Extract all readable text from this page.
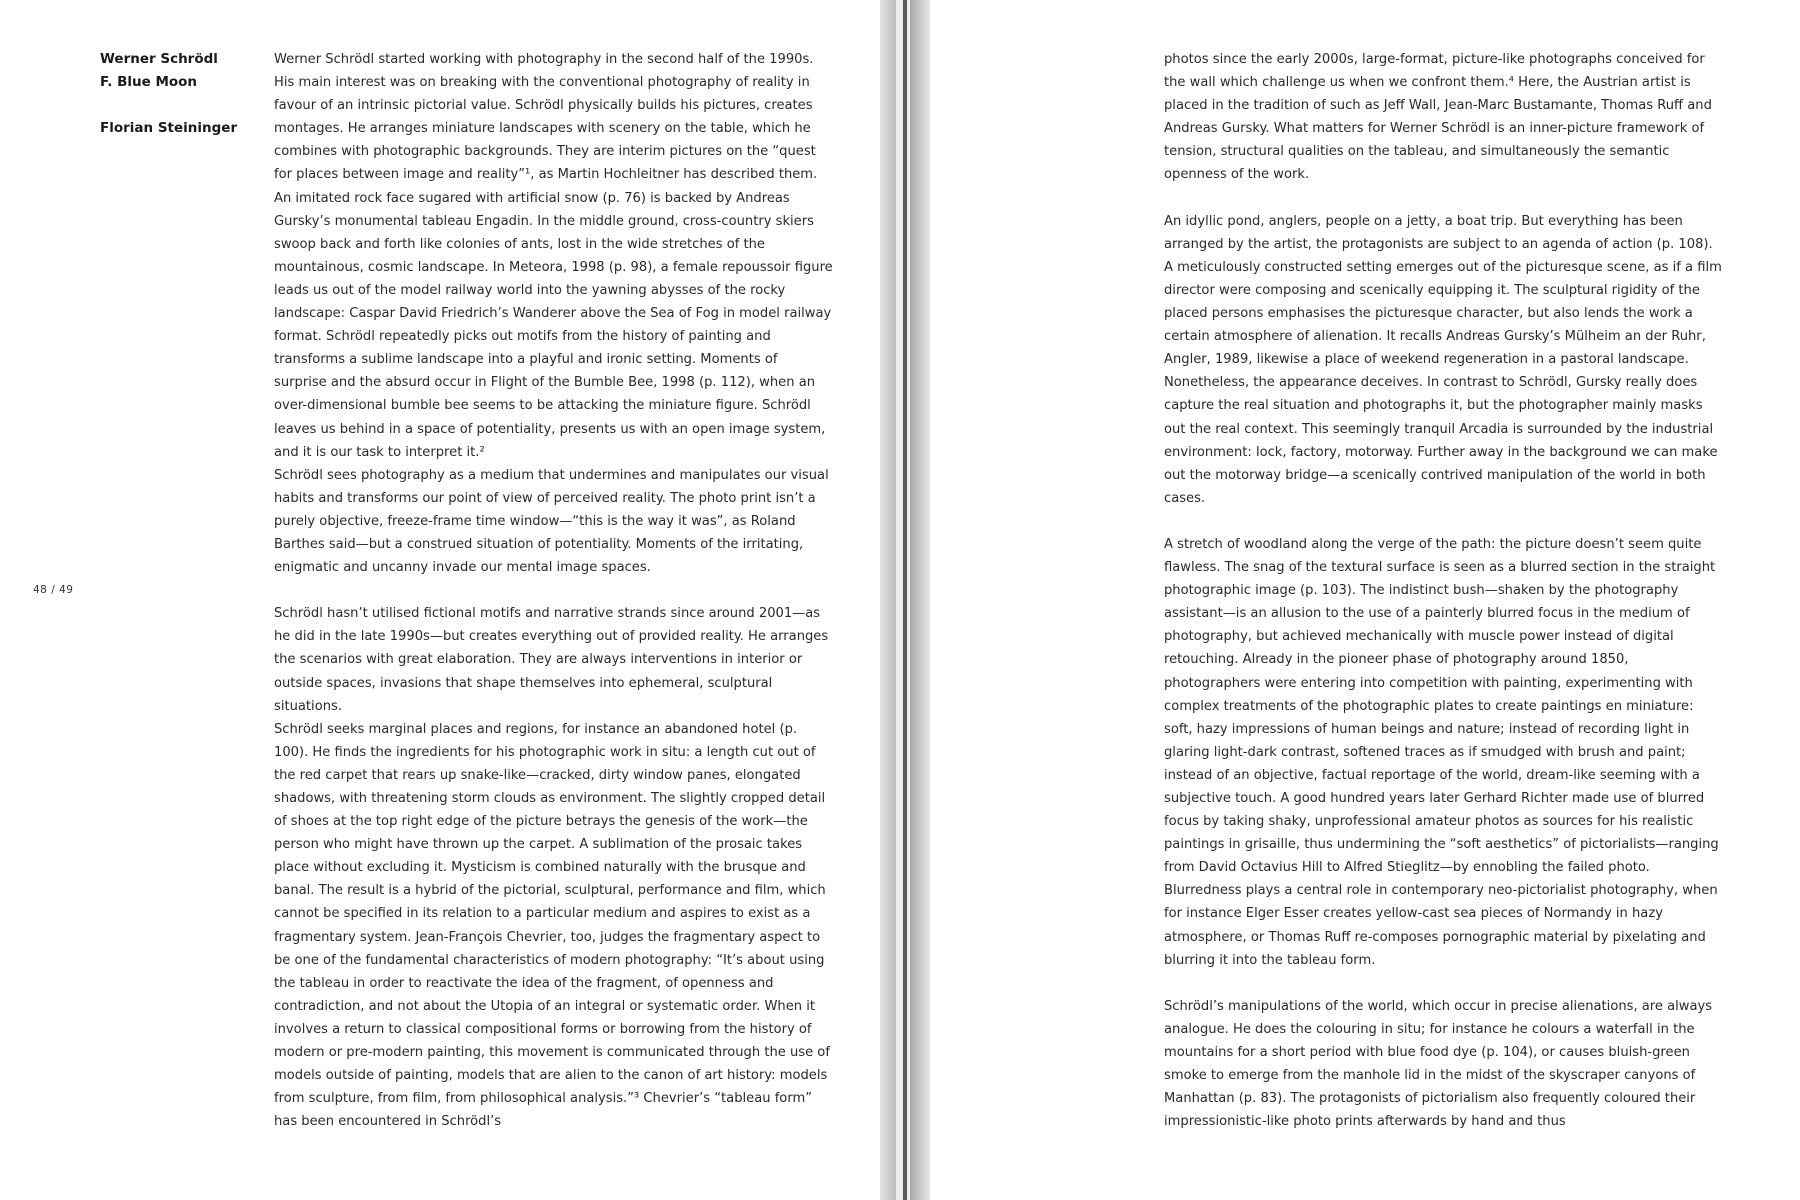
Werner Schrödl
F. Blue Moon
Florian Steininger
48 / 49

Werner Schrödl started working with photography in the second half of the 1990s. His main interest was on breaking with the conventional photography of reality in favour of an intrinsic pictorial value. Schrödl physically builds his pictures, creates montages. He arranges miniature landscapes with scenery on the table, which he combines with photographic backgrounds. They are interim pictures on the “quest for places between image and reality”¹, as Martin Hochleitner has described them. An imitated rock face sugared with artificial snow (p. 76) is backed by Andreas Gursky’s monumental tableau Engadin. In the middle ground, cross-country skiers swoop back and forth like colonies of ants, lost in the wide stretches of the mountainous, cosmic landscape. In Meteora, 1998 (p. 98), a female repoussoir figure leads us out of the model railway world into the yawning abysses of the rocky landscape: Caspar David Friedrich’s Wanderer above the Sea of Fog in model railway format. Schrödl repeatedly picks out motifs from the history of painting and transforms a sublime landscape into a playful and ironic setting. Moments of surprise and the absurd occur in Flight of the Bumble Bee, 1998 (p. 112), when an over-dimensional bumble bee seems to be attacking the miniature figure. Schrödl leaves us behind in a space of potentiality, presents us with an open image system, and it is our task to interpret it.²

Schrödl sees photography as a medium that undermines and manipulates our visual habits and transforms our point of view of perceived reality. The photo print isn’t a purely objective, freeze-frame time window—“this is the way it was”, as Roland Barthes said—but a construed situation of potentiality. Moments of the irritating, enigmatic and uncanny invade our mental image spaces.

Schrödl hasn’t utilised fictional motifs and narrative strands since around 2001—as he did in the late 1990s—but creates everything out of provided reality. He arranges the scenarios with great elaboration. They are always interventions in interior or outside spaces, invasions that shape themselves into ephemeral, sculptural situations.

Schrödl seeks marginal places and regions, for instance an abandoned hotel (p. 100). He finds the ingredients for his photographic work in situ: a length cut out of the red carpet that rears up snake-like—cracked, dirty window panes, elongated shadows, with threatening storm clouds as environment. The slightly cropped detail of shoes at the top right edge of the picture betrays the genesis of the work—the person who might have thrown up the carpet. A sublimation of the prosaic takes place without excluding it. Mysticism is combined naturally with the brusque and banal. The result is a hybrid of the pictorial, sculptural, performance and film, which cannot be specified in its relation to a particular medium and aspires to exist as a fragmentary system. Jean-François Chevrier, too, judges the fragmentary aspect to be one of the fundamental characteristics of modern photography: “It’s about using the tableau in order to reactivate the idea of the fragment, of openness and contradiction, and not about the Utopia of an integral or systematic order. When it involves a return to classical compositional forms or borrowing from the history of modern or pre-modern painting, this movement is communicated through the use of models outside of painting, models that are alien to the canon of art history: models from sculpture, from film, from philosophical analysis.”³ Chevrier’s “tableau form” has been encountered in Schrödl’s

photos since the early 2000s, large-format, picture-like photographs conceived for the wall which challenge us when we confront them.⁴ Here, the Austrian artist is placed in the tradition of such as Jeff Wall, Jean-Marc Bustamante, Thomas Ruff and Andreas Gursky. What matters for Werner Schrödl is an inner-picture framework of tension, structural qualities on the tableau, and simultaneously the semantic openness of the work.

An idyllic pond, anglers, people on a jetty, a boat trip. But everything has been arranged by the artist, the protagonists are subject to an agenda of action (p. 108). A meticulously constructed setting emerges out of the picturesque scene, as if a film director were composing and scenically equipping it. The sculptural rigidity of the placed persons emphasises the picturesque character, but also lends the work a certain atmosphere of alienation. It recalls Andreas Gursky’s Mülheim an der Ruhr, Angler, 1989, likewise a place of weekend regeneration in a pastoral landscape. Nonetheless, the appearance deceives. In contrast to Schrödl, Gursky really does capture the real situation and photographs it, but the photographer mainly masks out the real context. This seemingly tranquil Arcadia is surrounded by the industrial environment: lock, factory, motorway. Further away in the background we can make out the motorway bridge—a scenically contrived manipulation of the world in both cases.

A stretch of woodland along the verge of the path: the picture doesn’t seem quite flawless. The snag of the textural surface is seen as a blurred section in the straight photographic image (p. 103). The indistinct bush—shaken by the photography assistant—is an allusion to the use of a painterly blurred focus in the medium of photography, but achieved mechanically with muscle power instead of digital retouching. Already in the pioneer phase of photography around 1850, photographers were entering into competition with painting, experimenting with complex treatments of the photographic plates to create paintings en miniature: soft, hazy impressions of human beings and nature; instead of recording light in glaring light-dark contrast, softened traces as if smudged with brush and paint; instead of an objective, factual reportage of the world, dream-like seeming with a subjective touch. A good hundred years later Gerhard Richter made use of blurred focus by taking shaky, unprofessional amateur photos as sources for his realistic paintings in grisaille, thus undermining the “soft aesthetics” of pictorialists—ranging from David Octavius Hill to Alfred Stieglitz—by ennobling the failed photo. Blurredness plays a central role in contemporary neo-pictorialist photography, when for instance Elger Esser creates yellow-cast sea pieces of Normandy in hazy atmosphere, or Thomas Ruff re-composes pornographic material by pixelating and blurring it into the tableau form.

Schrödl’s manipulations of the world, which occur in precise alienations, are always analogue. He does the colouring in situ; for instance he colours a waterfall in the mountains for a short period with blue food dye (p. 104), or causes bluish-green smoke to emerge from the manhole lid in the midst of the skyscraper canyons of Manhattan (p. 83). The protagonists of pictorialism also frequently coloured their impressionistic-like photo prints afterwards by hand and thus
